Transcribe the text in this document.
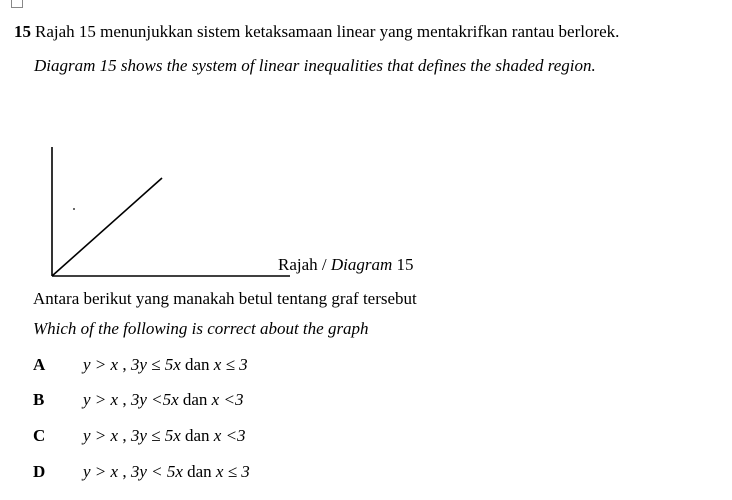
15 Rajah 15 menunjukkan sistem ketaksamaan linear yang mentakrifkan rantau berlorek.
Diagram 15 shows the system of linear inequalities that defines the shaded region.
Rajah / Diagram 15
Antara berikut yang manakah betul tentang graf tersebut
Which of the following is correct about the graph
A y > x , 3y ≤ 5x dan x ≤ 3
B y > x , 3y <5x dan x <3
C y > x , 3y ≤ 5x dan x <3
D y > x , 3y < 5x dan x ≤ 3
